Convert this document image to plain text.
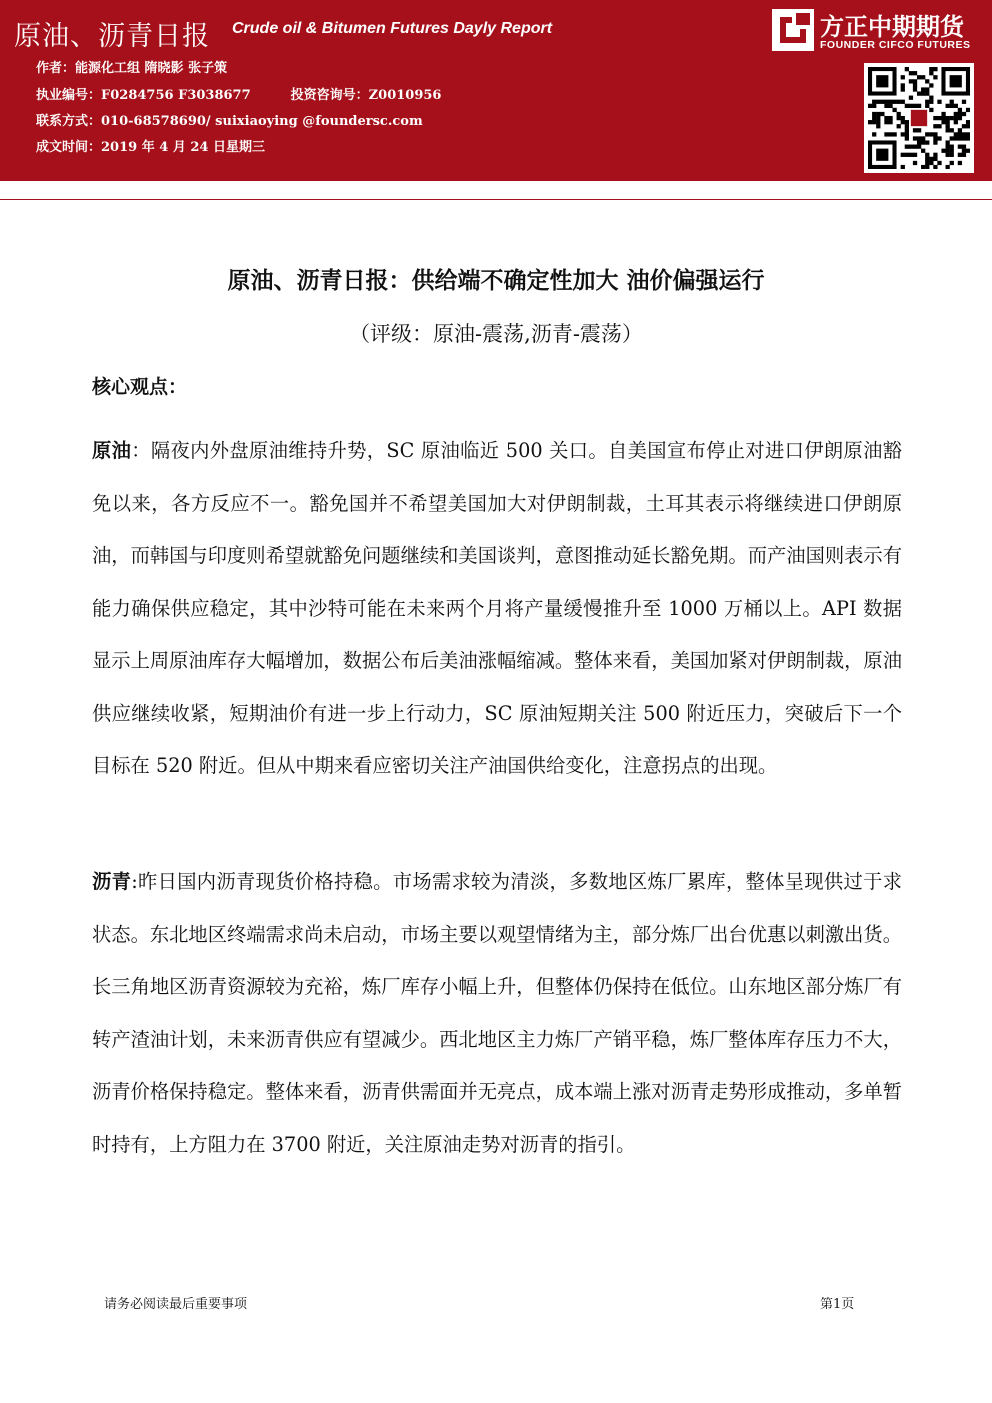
原油、沥青日报 Crude oil & Bitumen Futures Dayly Report
作者：能源化工组 隋晓影 张子策
执业编号：F0284756 F3038677	投资咨询号：Z0010956
联系方式：010-68578690/ suixiaoying @foundersc.com
成文时间：2019 年 4 月 24 日星期三
方正中期期货
FOUNDER CIFCO FUTURES
原油、沥青日报：供给端不确定性加大 油价偏强运行
（评级：原油-震荡,沥青-震荡）
核心观点：
原油：隔夜内外盘原油维持升势，SC 原油临近 500 关口。自美国宣布停止对进口伊朗原油豁免以来，各方反应不一。豁免国并不希望美国加大对伊朗制裁，土耳其表示将继续进口伊朗原油，而韩国与印度则希望就豁免问题继续和美国谈判，意图推动延长豁免期。而产油国则表示有能力确保供应稳定，其中沙特可能在未来两个月将产量缓慢推升至 1000 万桶以上。API 数据显示上周原油库存大幅增加，数据公布后美油涨幅缩减。整体来看，美国加紧对伊朗制裁，原油供应继续收紧，短期油价有进一步上行动力，SC 原油短期关注 500 附近压力，突破后下一个目标在 520 附近。但从中期来看应密切关注产油国供给变化，注意拐点的出现。
沥青:昨日国内沥青现货价格持稳。市场需求较为清淡，多数地区炼厂累库，整体呈现供过于求状态。东北地区终端需求尚未启动，市场主要以观望情绪为主，部分炼厂出台优惠以刺激出货。长三角地区沥青资源较为充裕，炼厂库存小幅上升，但整体仍保持在低位。山东地区部分炼厂有转产渣油计划，未来沥青供应有望减少。西北地区主力炼厂产销平稳，炼厂整体库存压力不大，沥青价格保持稳定。整体来看，沥青供需面并无亮点，成本端上涨对沥青走势形成推动，多单暂时持有，上方阻力在 3700 附近，关注原油走势对沥青的指引。
请务必阅读最后重要事项	第1页
